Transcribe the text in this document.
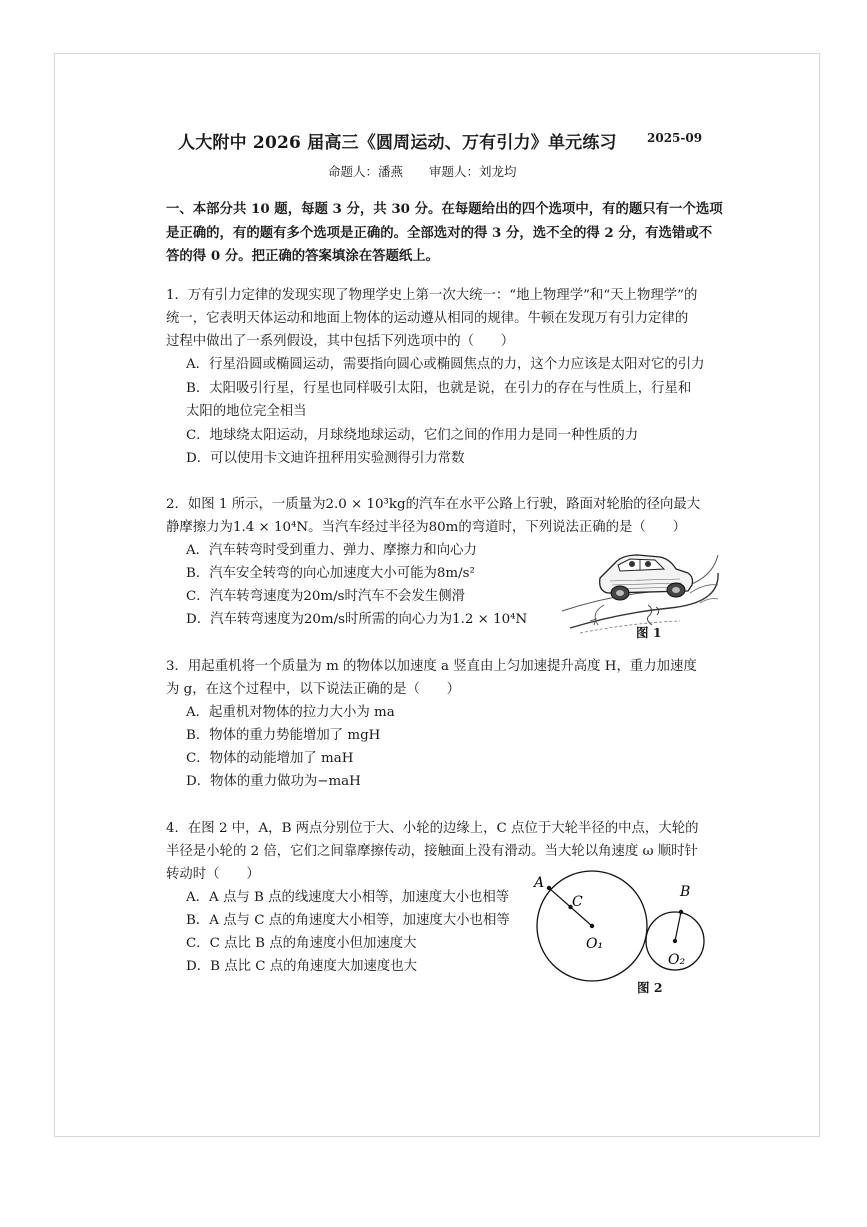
人大附中 2026 届高三《圆周运动、万有引力》单元练习	2025-09
命题人：潘燕 审题人：刘龙均
一、本部分共 10 题，每题 3 分，共 30 分。在每题给出的四个选项中，有的题只有一个选项
是正确的，有的题有多个选项是正确的。全部选对的得 3 分，选不全的得 2 分，有选错或不
答的得 0 分。把正确的答案填涂在答题纸上。
1．万有引力定律的发现实现了物理学史上第一次大统一：“地上物理学”和“天上物理学”的
统一，它表明天体运动和地面上物体的运动遵从相同的规律。牛顿在发现万有引力定律的
过程中做出了一系列假设，其中包括下列选项中的（　　）
A．行星沿圆或椭圆运动，需要指向圆心或椭圆焦点的力，这个力应该是太阳对它的引力
B．太阳吸引行星，行星也同样吸引太阳，也就是说，在引力的存在与性质上，行星和
太阳的地位完全相当
C．地球绕太阳运动，月球绕地球运动，它们之间的作用力是同一种性质的力
D．可以使用卡文迪许扭秤用实验测得引力常数
2．如图 1 所示，一质量为2.0 × 10³kg的汽车在水平公路上行驶，路面对轮胎的径向最大
静摩擦力为1.4 × 10⁴N。当汽车经过半径为80m的弯道时，下列说法正确的是（　　）
A．汽车转弯时受到重力、弹力、摩擦力和向心力
B．汽车安全转弯的向心加速度大小可能为8m/s²
C．汽车转弯速度为20m/s时汽车不会发生侧滑
D．汽车转弯速度为20m/s时所需的向心力为1.2 × 10⁴N
图 1
3．用起重机将一个质量为 m 的物体以加速度 a 竖直由上匀加速提升高度 H，重力加速度
为 g，在这个过程中，以下说法正确的是（　　）
A．起重机对物体的拉力大小为 ma
B．物体的重力势能增加了 mgH
C．物体的动能增加了 maH
D．物体的重力做功为−maH
4．在图 2 中，A，B 两点分别位于大、小轮的边缘上，C 点位于大轮半径的中点，大轮的
半径是小轮的 2 倍，它们之间靠摩擦传动，接触面上没有滑动。当大轮以角速度 ω 顺时针
转动时（　　）
A．A 点与 B 点的线速度大小相等，加速度大小也相等
B．A 点与 C 点的角速度大小相等，加速度大小也相等
C．C 点比 B 点的角速度小但加速度大
D．B 点比 C 点的角速度大加速度也大
A
C
B
O₁
O₂
图 2
